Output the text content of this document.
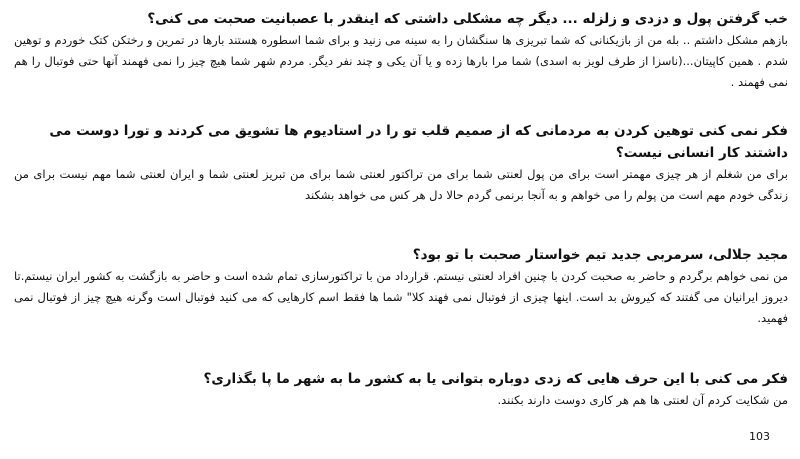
خب گرفتن پول و دزدی و زلزله ... دیگر چه مشکلی داشتی که اینقدر با عصبانیت صحبت می کنی؟

بازهم مشکل داشتم .. بله من از بازیکنانی که شما تبریزی ها سنگشان را به سینه می زنید و برای شما اسطوره هستند بارها در تمرین و رختکن کتک خوردم و توهین شدم . همین کاپیتان...(ناسزا از طرف لویز به اسدی) شما مرا بارها زده و یا آن یکی و چند نفر دیگر. مردم شهر شما هیچ چیز را نمی فهمند آنها حتی فوتبال را هم نمی فهمند .

فکر نمی کنی توهین کردن به مردمانی که از صمیم قلب تو را در استادیوم ها تشویق می کردند و تورا دوست می داشتند کار انسانی نیست؟

برای من شغلم از هر چیزی مهمتر است برای من پول لعنتی شما برای من تراکتور لعنتی شما برای من تبریز لعنتی شما و ایران لعنتی شما مهم نیست برای من زندگی خودم مهم است من پولم را می خواهم و به آنجا برنمی گردم حالا دل هر کس می خواهد بشکند

مجید جلالی، سرمربی جدید تیم خواستار صحبت با تو بود؟

من نمی خواهم برگردم و حاضر به صحبت کردن با چنین افراد لعنتی نیستم. قرارداد من با تراکتورسازی تمام شده است و حاضر به بازگشت به کشور ایران نیستم.تا دیروز ایرانیان می گفتند که کیروش بد است. اینها چیزی از فوتبال نمی فهند کلا" شما ها فقط اسم کارهایی که می کنید فوتبال است وگرنه هیچ چیز از فوتبال نمی فهمید.

فکر می کنی با این حرف هایی که زدی دوباره بتوانی یا به کشور ما به شهر ما پا بگذاری؟

من شکایت کردم آن لعنتی ها هم هر کاری دوست دارند بکنند.

103
